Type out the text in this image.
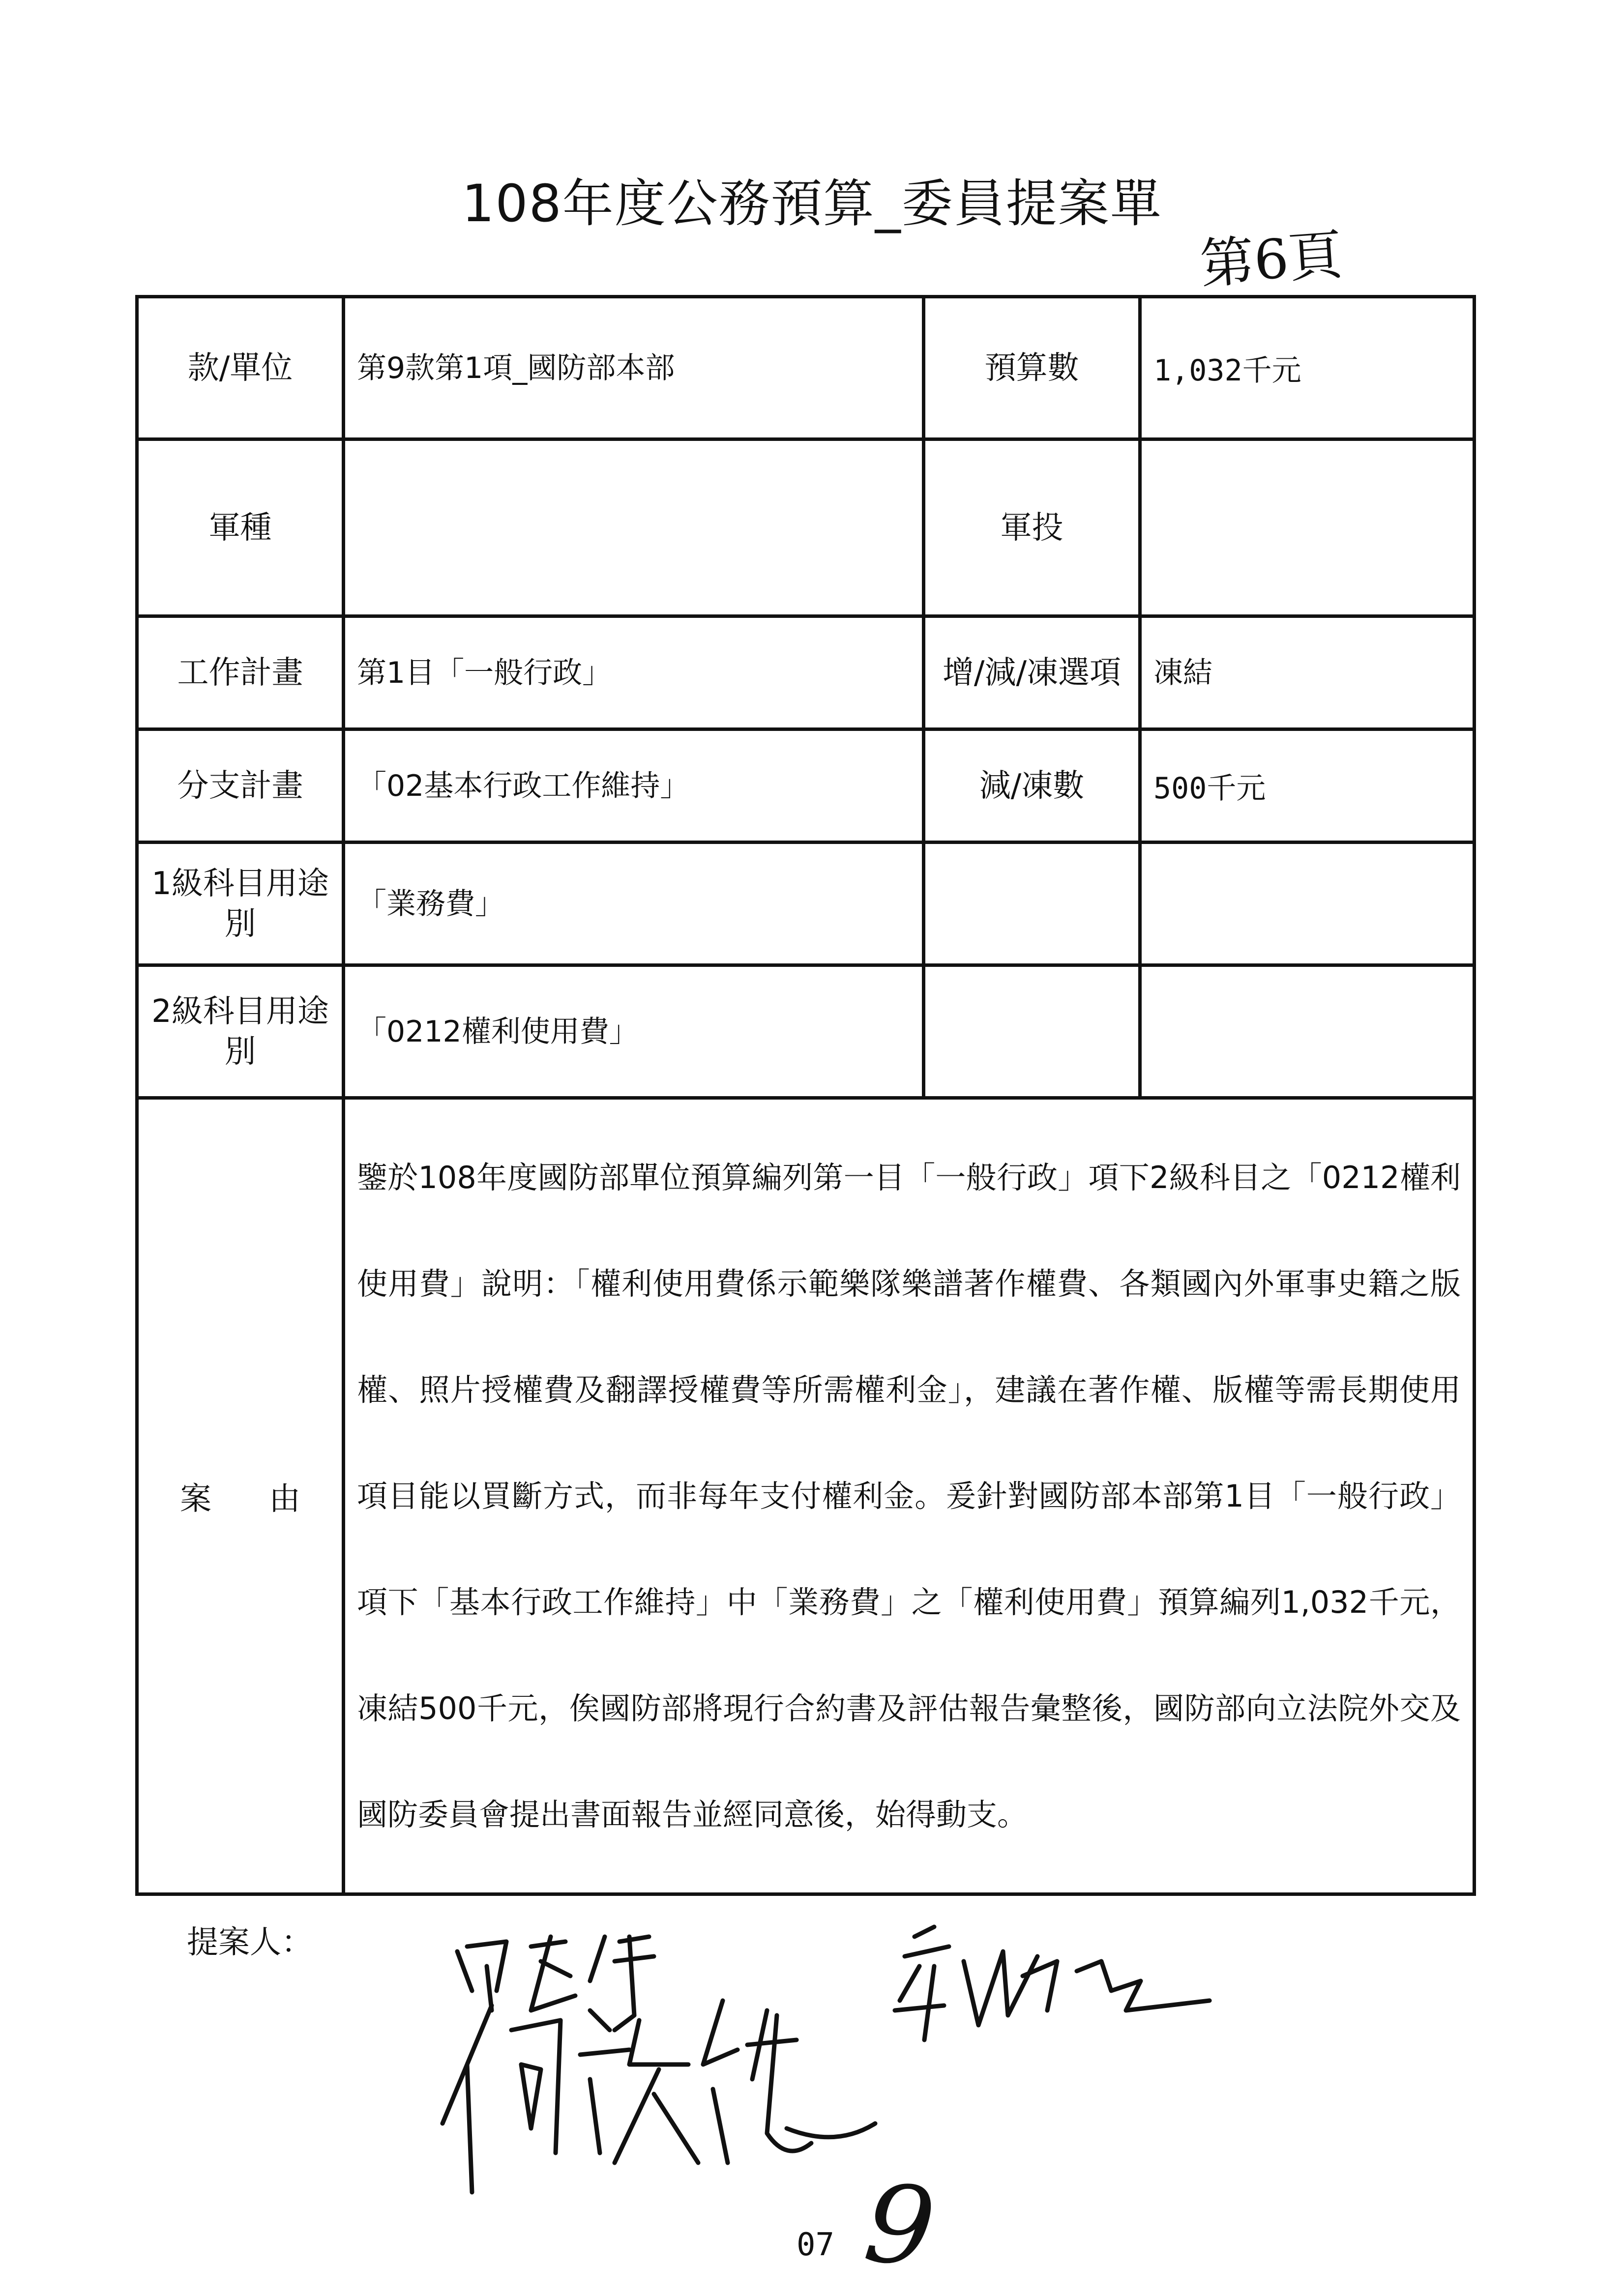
108年度公務預算_委員提案單
第6頁
款/單位	第9款第1項_國防部本部	預算數	1,032千元
軍種		軍投	
工作計畫	第1目「一般行政」	增/減/凍選項	凍結
分支計畫	「02基本行政工作維持」	減/凍數	500千元
1級科目用途別	「業務費」		
2級科目用途別	「0212權利使用費」		

案 由	鑒於108年度國防部單位預算編列第一目「一般行政」項下2級科目之「0212權利使用費」說明：「權利使用費係示範樂隊樂譜著作權費、各類國內外軍事史籍之版權、照片授權費及翻譯授權費等所需權利金」，建議在著作權、版權等需長期使用項目能以買斷方式，而非每年支付權利金。爰針對國防部本部第1目「一般行政」項下「基本行政工作維持」中「業務費」之「權利使用費」預算編列1,032千元，凍結500千元，俟國防部將現行合約書及評估報告彙整後，國防部向立法院外交及國防委員會提出書面報告並經同意後，始得動支。		
提案人：
07 9
